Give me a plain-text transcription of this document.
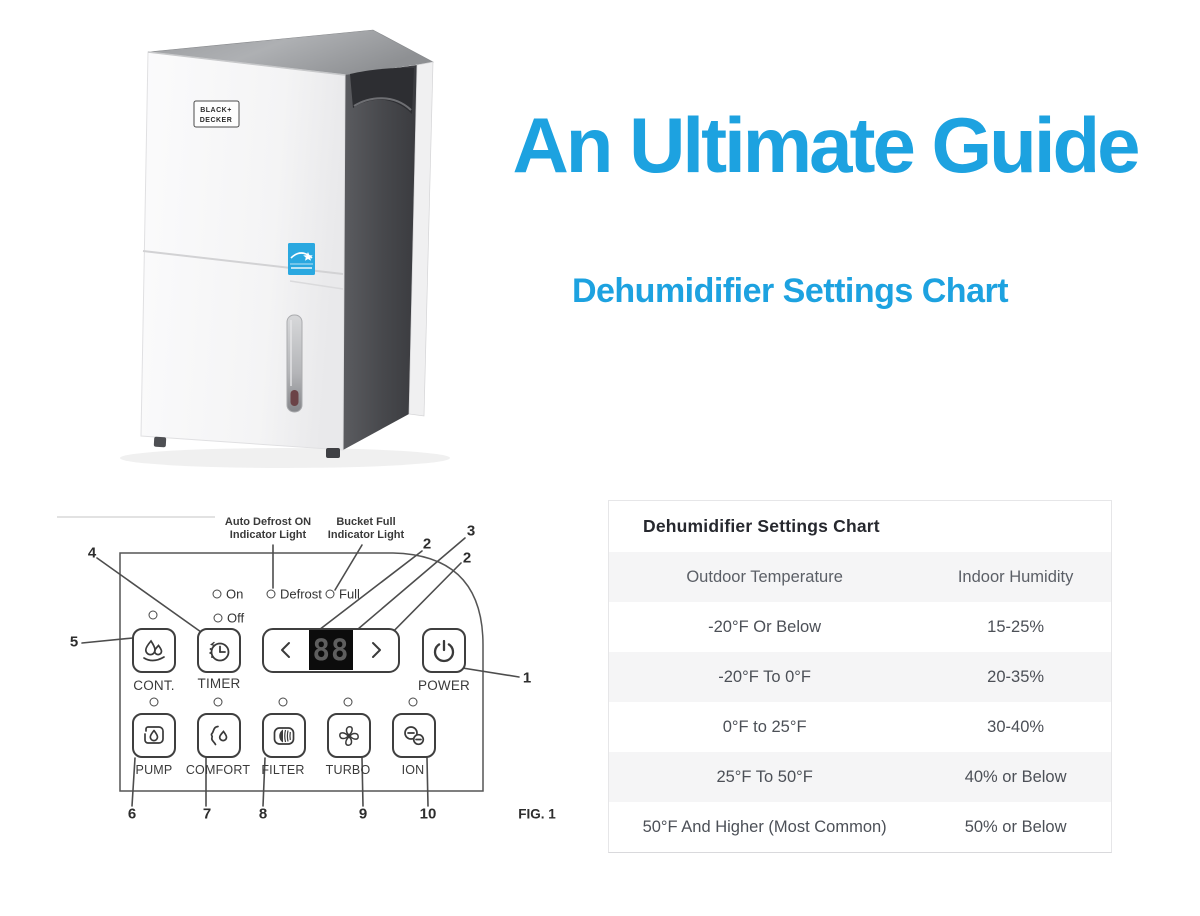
An Ultimate Guide
Dehumidifier Settings Chart
BLACK+
DECKER
Auto Defrost ON
Indicator Light
Bucket Full
Indicator Light
4
2
3
2
5
1
6	7	8	9	10	FIG. 1
On
Off
Defrost Full
88
CONT. TIMER	POWER
PUMP COMFORT FILTER TURBO ION
Dehumidifier Settings Chart
Outdoor Temperature	Indoor Humidity
-20°F Or Below	15-25%
-20°F To 0°F	20-35%
0°F to 25°F	30-40%
25°F To 50°F	40% or Below
50°F And Higher (Most Common)	50% or Below
